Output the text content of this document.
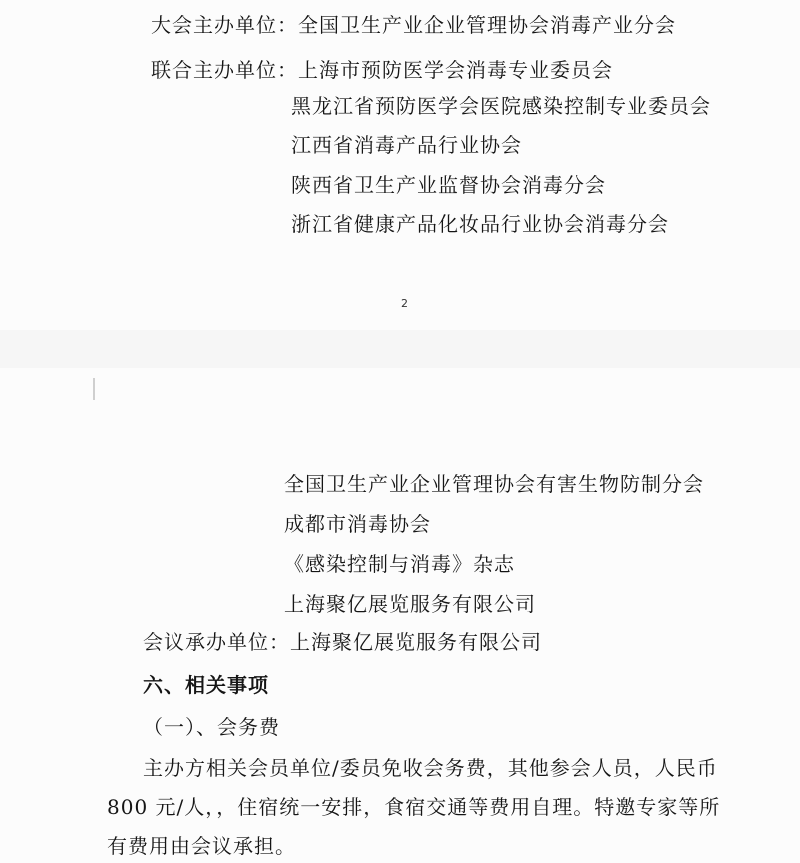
大会主办单位：全国卫生产业企业管理协会消毒产业分会
联合主办单位：上海市预防医学会消毒专业委员会
黑龙江省预防医学会医院感染控制专业委员会
江西省消毒产品行业协会
陕西省卫生产业监督协会消毒分会
浙江省健康产品化妆品行业协会消毒分会
2
全国卫生产业企业管理协会有害生物防制分会
成都市消毒协会
《感染控制与消毒》杂志
上海聚亿展览服务有限公司
会议承办单位：上海聚亿展览服务有限公司
六、相关事项
（一）、会务费
主办方相关会员单位/委员免收会务费，其他参会人员，人民币
800 元/人，，住宿统一安排，食宿交通等费用自理。特邀专家等所
有费用由会议承担。
